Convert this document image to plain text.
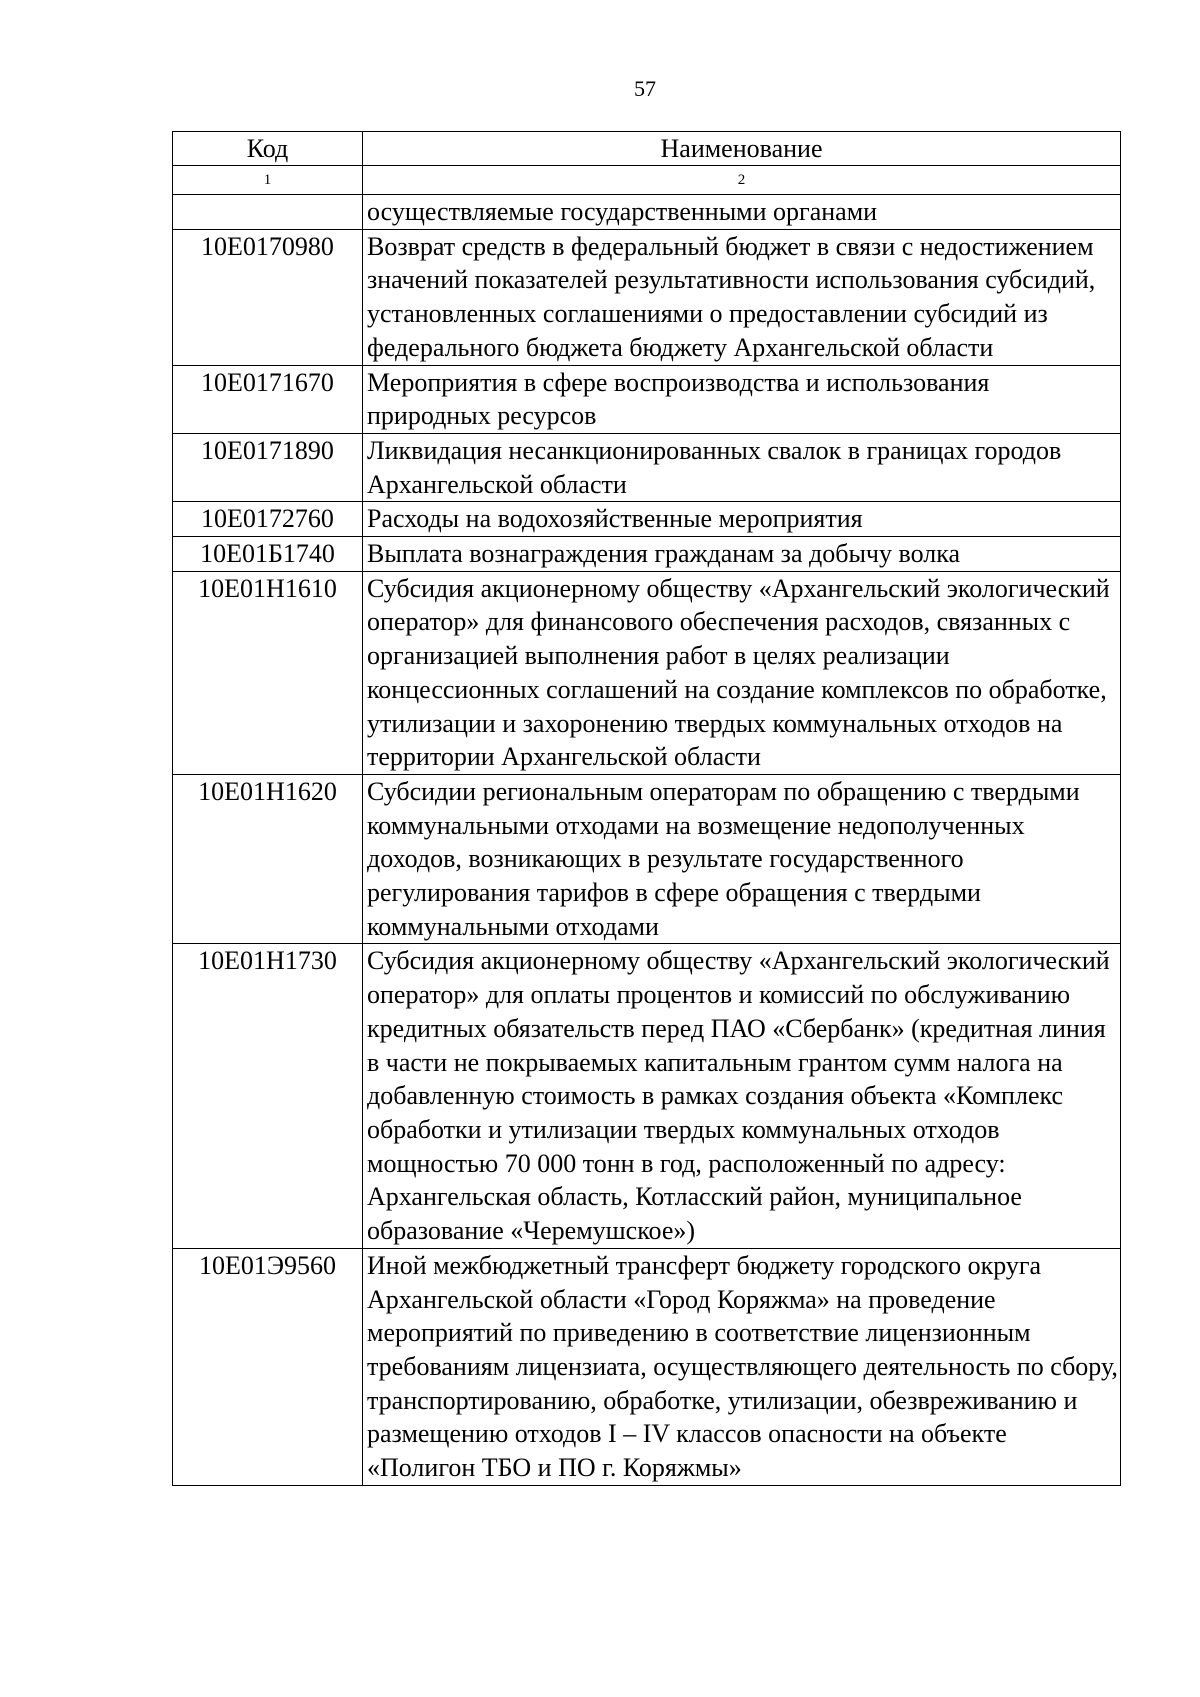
57
Код	Наименование
1	2
	осуществляемые государственными органами
10Е0170980	Возврат средств в федеральный бюджет в связи с недостижением значений показателей результативности использования субсидий, установленных соглашениями о предоставлении субсидий из федерального бюджета бюджету Архангельской области
10Е0171670	Мероприятия в сфере воспроизводства и использования природных ресурсов
10Е0171890	Ликвидация несанкционированных свалок в границах городов Архангельской области
10Е0172760	Расходы на водохозяйственные мероприятия
10Е01Б1740	Выплата вознаграждения гражданам за добычу волка
10Е01Н1610	Субсидия акционерному обществу «Архангельский экологический оператор» для финансового обеспечения расходов, связанных с организацией выполнения работ в целях реализации концессионных соглашений на создание комплексов по обработке, утилизации и захоронению твердых коммунальных отходов на территории Архангельской области
10Е01Н1620	Субсидии региональным операторам по обращению с твердыми коммунальными отходами на возмещение недополученных доходов, возникающих в результате государственного регулирования тарифов в сфере обращения с твердыми коммунальными отходами
10Е01Н1730	Субсидия акционерному обществу «Архангельский экологический оператор» для оплаты процентов и комиссий по обслуживанию кредитных обязательств перед ПАО «Сбербанк» (кредитная линия в части не покрываемых капитальным грантом сумм налога на добавленную стоимость в рамках создания объекта «Комплекс обработки и утилизации твердых коммунальных отходов мощностью 70 000 тонн в год, расположенный по адресу: Архангельская область, Котласский район, муниципальное образование «Черемушское»)
10Е01Э9560	Иной межбюджетный трансферт бюджету городского округа Архангельской области «Город Коряжма» на проведение мероприятий по приведению в соответствие лицензионным требованиям лицензиата, осуществляющего деятельность по сбору, транспортированию, обработке, утилизации, обезвреживанию и размещению отходов I – IV классов опасности на объекте «Полигон ТБО и ПО г. Коряжмы»
